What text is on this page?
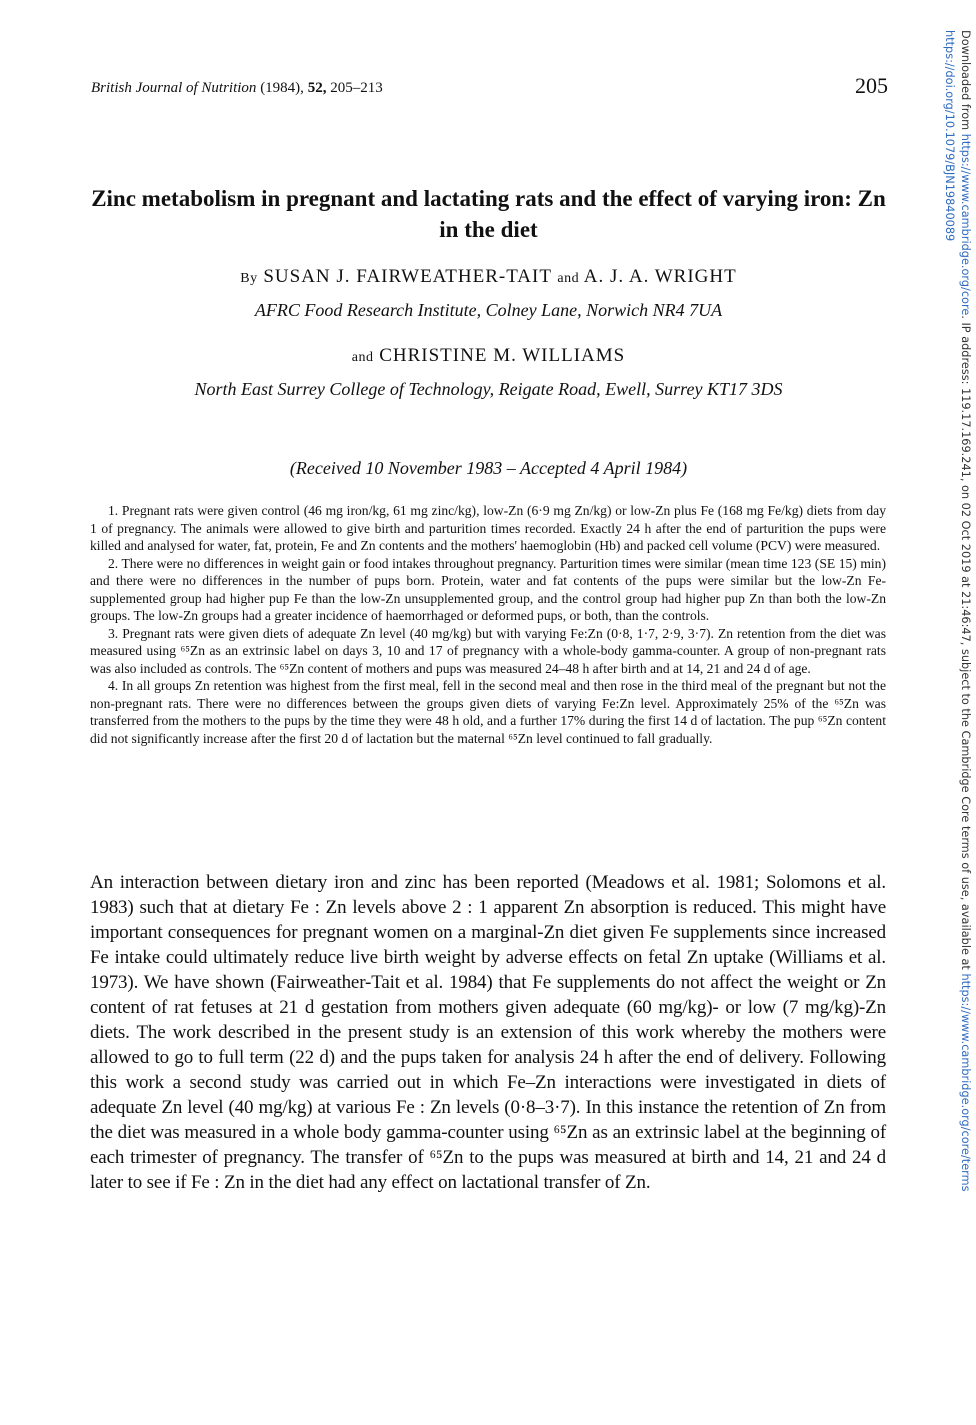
British Journal of Nutrition (1984), 52, 205–213	205
Zinc metabolism in pregnant and lactating rats and the effect of varying iron: Zn in the diet
By SUSAN J. FAIRWEATHER-TAIT and A. J. A. WRIGHT
AFRC Food Research Institute, Colney Lane, Norwich NR4 7UA
and CHRISTINE M. WILLIAMS
North East Surrey College of Technology, Reigate Road, Ewell, Surrey KT17 3DS
(Received 10 November 1983 – Accepted 4 April 1984)

1. Pregnant rats were given control (46 mg iron/kg, 61 mg zinc/kg), low-Zn (6·9 mg Zn/kg) or low-Zn plus Fe (168 mg Fe/kg) diets from day 1 of pregnancy. The animals were allowed to give birth and parturition times recorded. Exactly 24 h after the end of parturition the pups were killed and analysed for water, fat, protein, Fe and Zn contents and the mothers' haemoglobin (Hb) and packed cell volume (PCV) were measured.

2. There were no differences in weight gain or food intakes throughout pregnancy. Parturition times were similar (mean time 123 (SE 15) min) and there were no differences in the number of pups born. Protein, water and fat contents of the pups were similar but the low-Zn Fe-supplemented group had higher pup Fe than the low-Zn unsupplemented group, and the control group had higher pup Zn than both the low-Zn groups. The low-Zn groups had a greater incidence of haemorrhaged or deformed pups, or both, than the controls.

3. Pregnant rats were given diets of adequate Zn level (40 mg/kg) but with varying Fe:Zn (0·8, 1·7, 2·9, 3·7). Zn retention from the diet was measured using ⁶⁵Zn as an extrinsic label on days 3, 10 and 17 of pregnancy with a whole-body gamma-counter. A group of non-pregnant rats was also included as controls. The ⁶⁵Zn content of mothers and pups was measured 24–48 h after birth and at 14, 21 and 24 d of age.

4. In all groups Zn retention was highest from the first meal, fell in the second meal and then rose in the third meal of the pregnant but not the non-pregnant rats. There were no differences between the groups given diets of varying Fe:Zn level. Approximately 25% of the ⁶⁵Zn was transferred from the mothers to the pups by the time they were 48 h old, and a further 17% during the first 14 d of lactation. The pup ⁶⁵Zn content did not significantly increase after the first 20 d of lactation but the maternal ⁶⁵Zn level continued to fall gradually.

An interaction between dietary iron and zinc has been reported (Meadows et al. 1981; Solomons et al. 1983) such that at dietary Fe : Zn levels above 2 : 1 apparent Zn absorption is reduced. This might have important consequences for pregnant women on a marginal-Zn diet given Fe supplements since increased Fe intake could ultimately reduce live birth weight by adverse effects on fetal Zn uptake (Williams et al. 1973). We have shown (Fairweather-Tait et al. 1984) that Fe supplements do not affect the weight or Zn content of rat fetuses at 21 d gestation from mothers given adequate (60 mg/kg)- or low (7 mg/kg)-Zn diets. The work described in the present study is an extension of this work whereby the mothers were allowed to go to full term (22 d) and the pups taken for analysis 24 h after the end of delivery. Following this work a second study was carried out in which Fe–Zn interactions were investigated in diets of adequate Zn level (40 mg/kg) at various Fe : Zn levels (0·8–3·7). In this instance the retention of Zn from the diet was measured in a whole body gamma-counter using ⁶⁵Zn as an extrinsic label at the beginning of each trimester of pregnancy. The transfer of ⁶⁵Zn to the pups was measured at birth and 14, 21 and 24 d later to see if Fe : Zn in the diet had any effect on lactational transfer of Zn.

Downloaded from https://www.cambridge.org/core. IP address: 119.17.169.241, on 02 Oct 2019 at 21:46:47, subject to the Cambridge Core terms of use, available at https://www.cambridge.org/core/terms
https://doi.org/10.1079/BJN19840089
